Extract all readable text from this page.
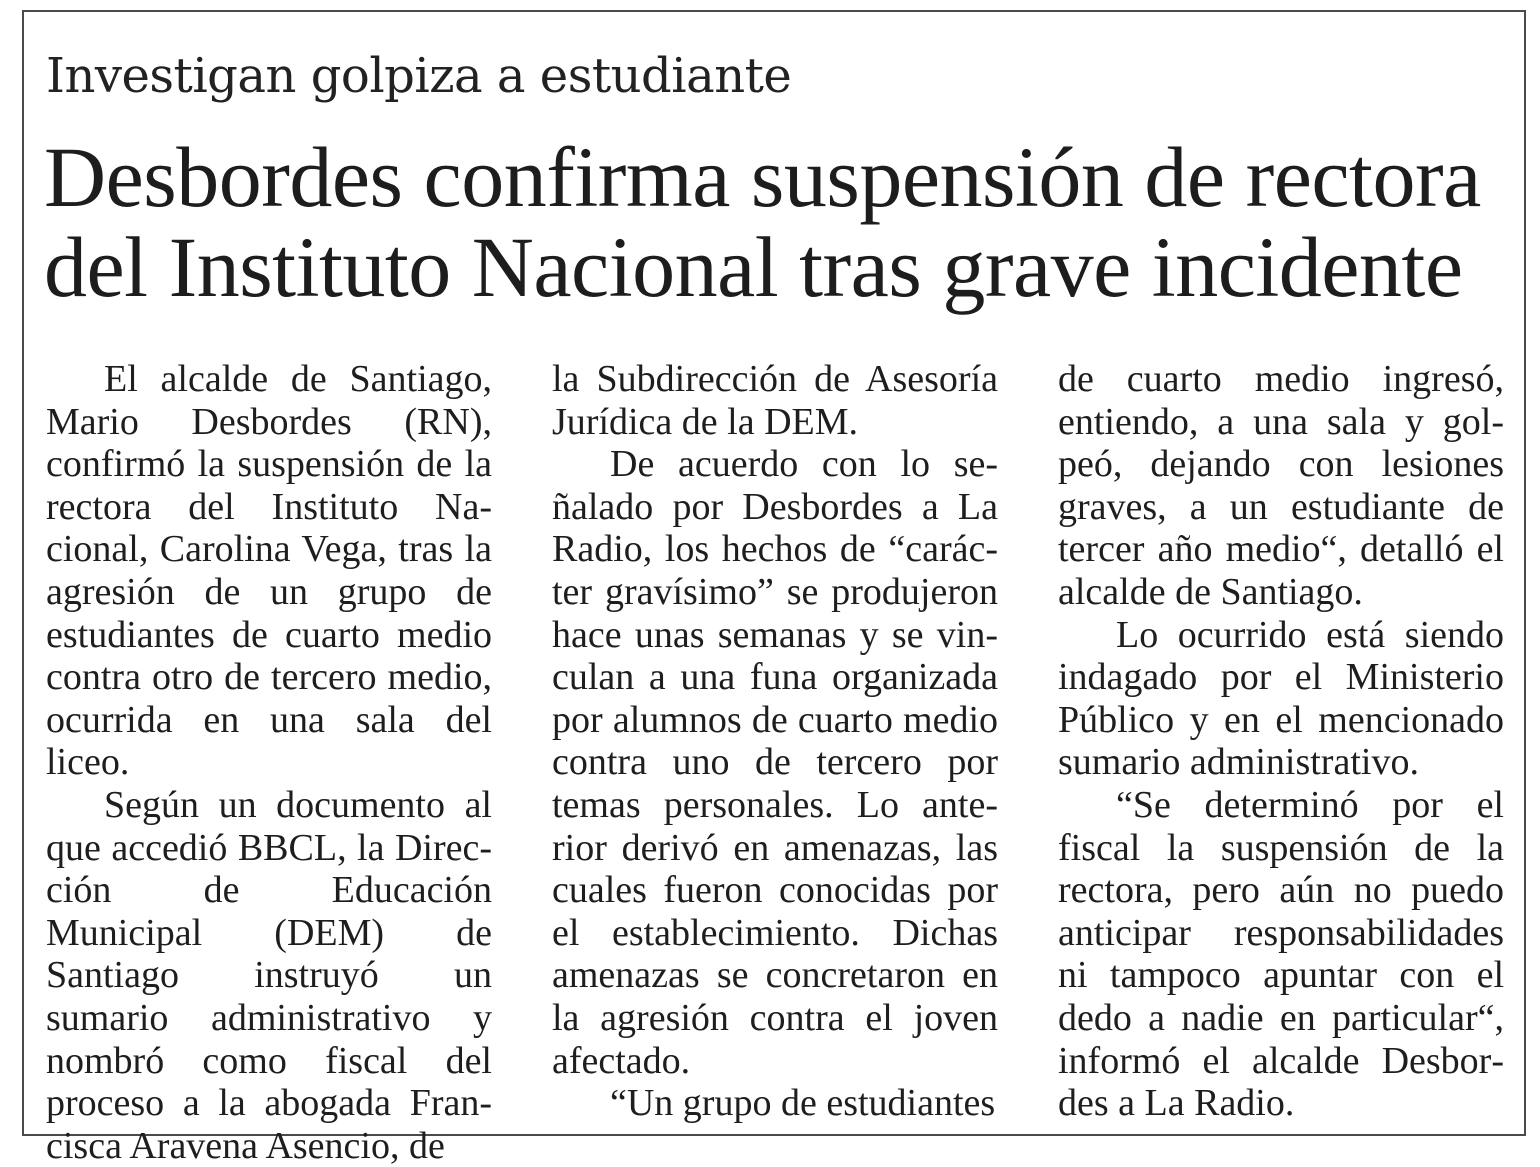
Investigan golpiza a estudiante
Desbordes confirma suspensión de rectora
del Instituto Nacional tras grave incidente

El alcalde de Santiago, Mario Desbordes (RN), confirmó la suspensión de la rectora del Instituto Nacional, Carolina Vega, tras la agresión de un grupo de estudiantes de cuarto medio contra otro de tercero medio, ocurrida en una sala del liceo.

Según un documento al que accedió BBCL, la Dirección de Educación Municipal (DEM) de Santiago instruyó un sumario administrativo y nombró como fiscal del proceso a la abogada Francisca Aravena Asencio, de

la Subdirección de Asesoría Jurídica de la DEM.

De acuerdo con lo señalado por Desbordes a La Radio, los hechos de “carácter gravísimo” se produjeron hace unas semanas y se vinculan a una funa organizada por alumnos de cuarto medio contra uno de tercero por temas personales. Lo anterior derivó en amenazas, las cuales fueron conocidas por el establecimiento. Dichas amenazas se concretaron en la agresión contra el joven afectado.

“Un grupo de estudiantes

de cuarto medio ingresó, entiendo, a una sala y golpeó, dejando con lesiones graves, a un estudiante de tercer año medio“, detalló el alcalde de Santiago.

Lo ocurrido está siendo indagado por el Ministerio Público y en el mencionado sumario administrativo.

“Se determinó por el fiscal la suspensión de la rectora, pero aún no puedo anticipar responsabilidades ni tampoco apuntar con el dedo a nadie en particular“, informó el alcalde Desbordes a La Radio.
